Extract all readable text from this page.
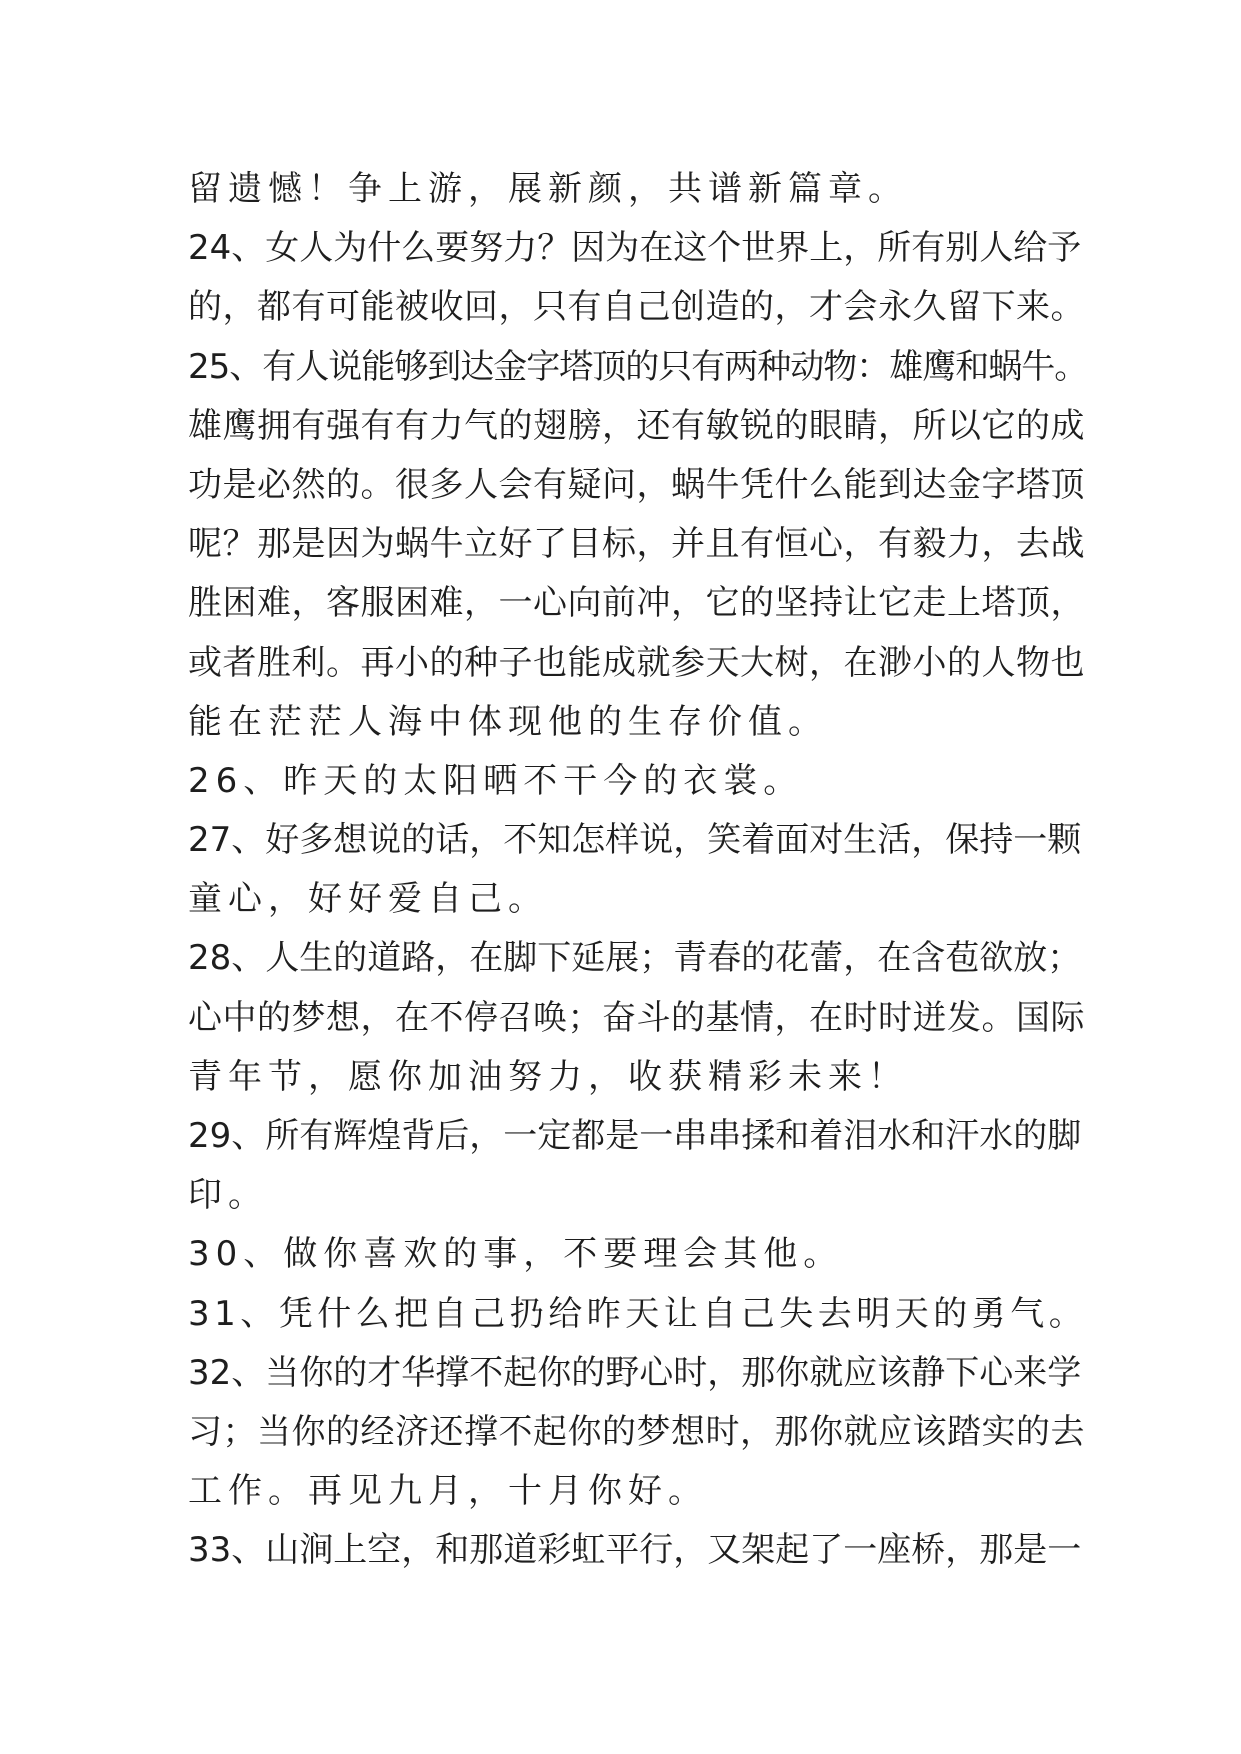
留遗憾！争上游，展新颜，共谱新篇章。
24、女人为什么要努力？因为在这个世界上，所有别人给予
的，都有可能被收回，只有自己创造的，才会永久留下来。
25、有人说能够到达金字塔顶的只有两种动物：雄鹰和蜗牛。
雄鹰拥有强有有力气的翅膀，还有敏锐的眼睛，所以它的成
功是必然的。很多人会有疑问，蜗牛凭什么能到达金字塔顶
呢？那是因为蜗牛立好了目标，并且有恒心，有毅力，去战
胜困难，客服困难，一心向前冲，它的坚持让它走上塔顶，
或者胜利。再小的种子也能成就参天大树，在渺小的人物也
能在茫茫人海中体现他的生存价值。
26、昨天的太阳晒不干今的衣裳。
27、好多想说的话，不知怎样说，笑着面对生活，保持一颗
童心，好好爱自己。
28、人生的道路，在脚下延展；青春的花蕾，在含苞欲放；
心中的梦想，在不停召唤；奋斗的基情，在时时迸发。国际
青年节，愿你加油努力，收获精彩未来！
29、所有辉煌背后，一定都是一串串揉和着泪水和汗水的脚
印。
30、做你喜欢的事，不要理会其他。
31、凭什么把自己扔给昨天让自己失去明天的勇气。
32、当你的才华撑不起你的野心时，那你就应该静下心来学
习；当你的经济还撑不起你的梦想时，那你就应该踏实的去
工作。再见九月，十月你好。
33、山涧上空，和那道彩虹平行，又架起了一座桥，那是一
